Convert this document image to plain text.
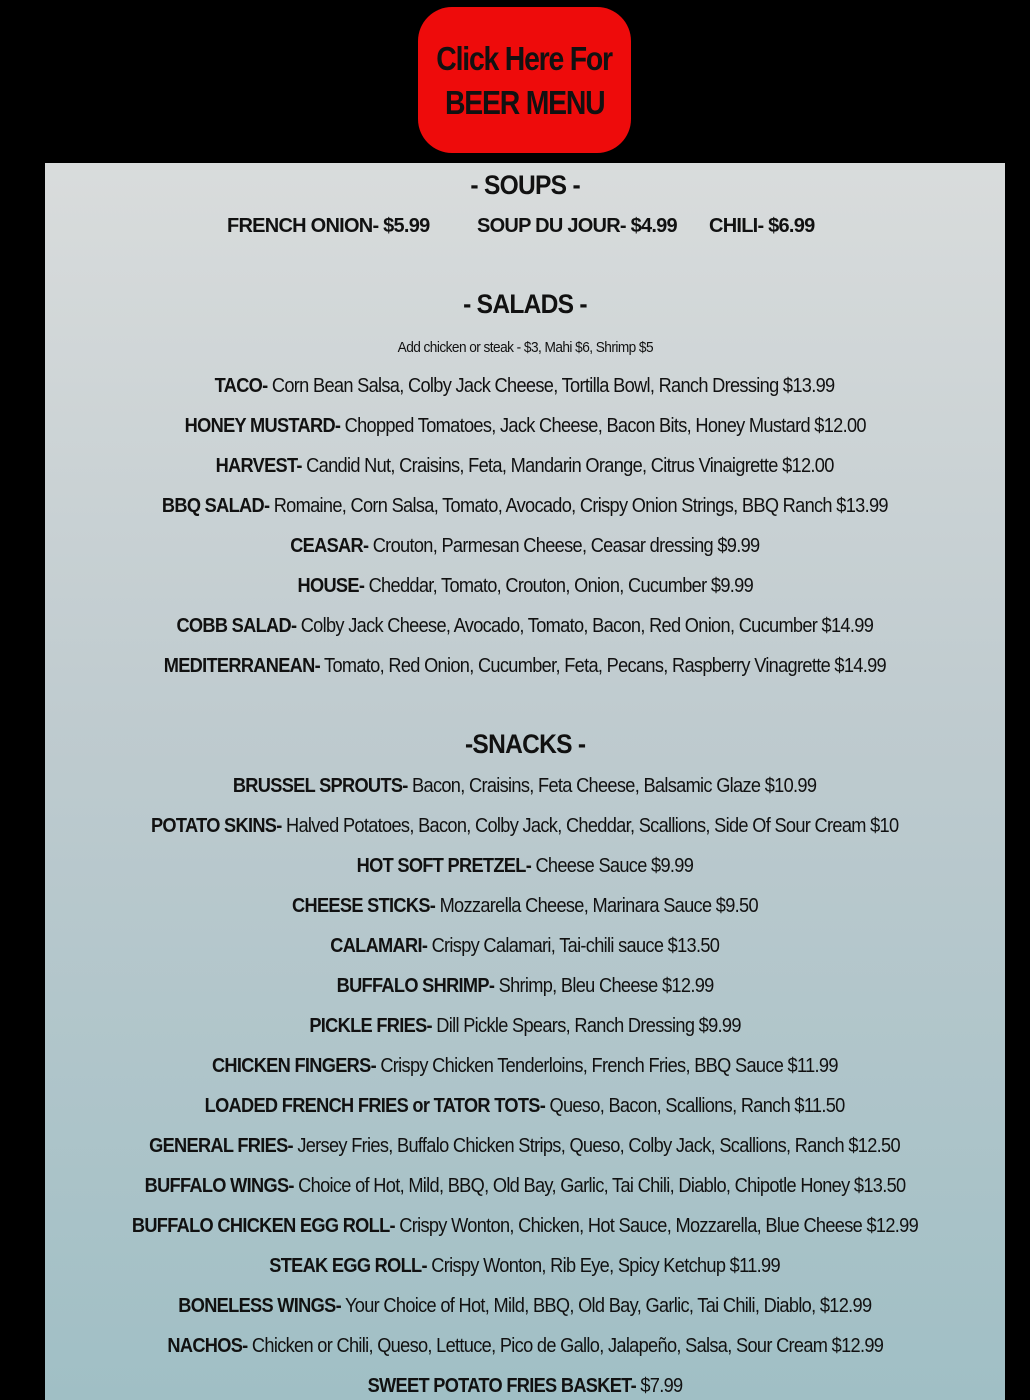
Click Here For
BEER MENU
- SOUPS -
FRENCH ONION- $5.99 SOUP DU JOUR- $4.99 CHILI- $6.99
- SALADS -
Add chicken or steak - $3, Mahi $6, Shrimp $5
TACO- Corn Bean Salsa, Colby Jack Cheese, Tortilla Bowl, Ranch Dressing $13.99
HONEY MUSTARD- Chopped Tomatoes, Jack Cheese, Bacon Bits, Honey Mustard $12.00
HARVEST- Candid Nut, Craisins, Feta, Mandarin Orange, Citrus Vinaigrette $12.00
BBQ SALAD- Romaine, Corn Salsa, Tomato, Avocado, Crispy Onion Strings, BBQ Ranch $13.99
CEASAR- Crouton, Parmesan Cheese, Ceasar dressing $9.99
HOUSE- Cheddar, Tomato, Crouton, Onion, Cucumber $9.99
COBB SALAD- Colby Jack Cheese, Avocado, Tomato, Bacon, Red Onion, Cucumber $14.99
MEDITERRANEAN- Tomato, Red Onion, Cucumber, Feta, Pecans, Raspberry Vinagrette $14.99
-SNACKS -
BRUSSEL SPROUTS- Bacon, Craisins, Feta Cheese, Balsamic Glaze $10.99
POTATO SKINS- Halved Potatoes, Bacon, Colby Jack, Cheddar, Scallions, Side Of Sour Cream $10
HOT SOFT PRETZEL- Cheese Sauce $9.99
CHEESE STICKS- Mozzarella Cheese, Marinara Sauce $9.50
CALAMARI- Crispy Calamari, Tai-chili sauce $13.50
BUFFALO SHRIMP- Shrimp, Bleu Cheese $12.99
PICKLE FRIES- Dill Pickle Spears, Ranch Dressing $9.99
CHICKEN FINGERS- Crispy Chicken Tenderloins, French Fries, BBQ Sauce $11.99
LOADED FRENCH FRIES or TATOR TOTS- Queso, Bacon, Scallions, Ranch $11.50
GENERAL FRIES- Jersey Fries, Buffalo Chicken Strips, Queso, Colby Jack, Scallions, Ranch $12.50
BUFFALO WINGS- Choice of Hot, Mild, BBQ, Old Bay, Garlic, Tai Chili, Diablo, Chipotle Honey $13.50
BUFFALO CHICKEN EGG ROLL- Crispy Wonton, Chicken, Hot Sauce, Mozzarella, Blue Cheese $12.99
STEAK EGG ROLL- Crispy Wonton, Rib Eye, Spicy Ketchup $11.99
BONELESS WINGS- Your Choice of Hot, Mild, BBQ, Old Bay, Garlic, Tai Chili, Diablo, $12.99
NACHOS- Chicken or Chili, Queso, Lettuce, Pico de Gallo, Jalapeño, Salsa, Sour Cream $12.99
SWEET POTATO FRIES BASKET- $7.99
